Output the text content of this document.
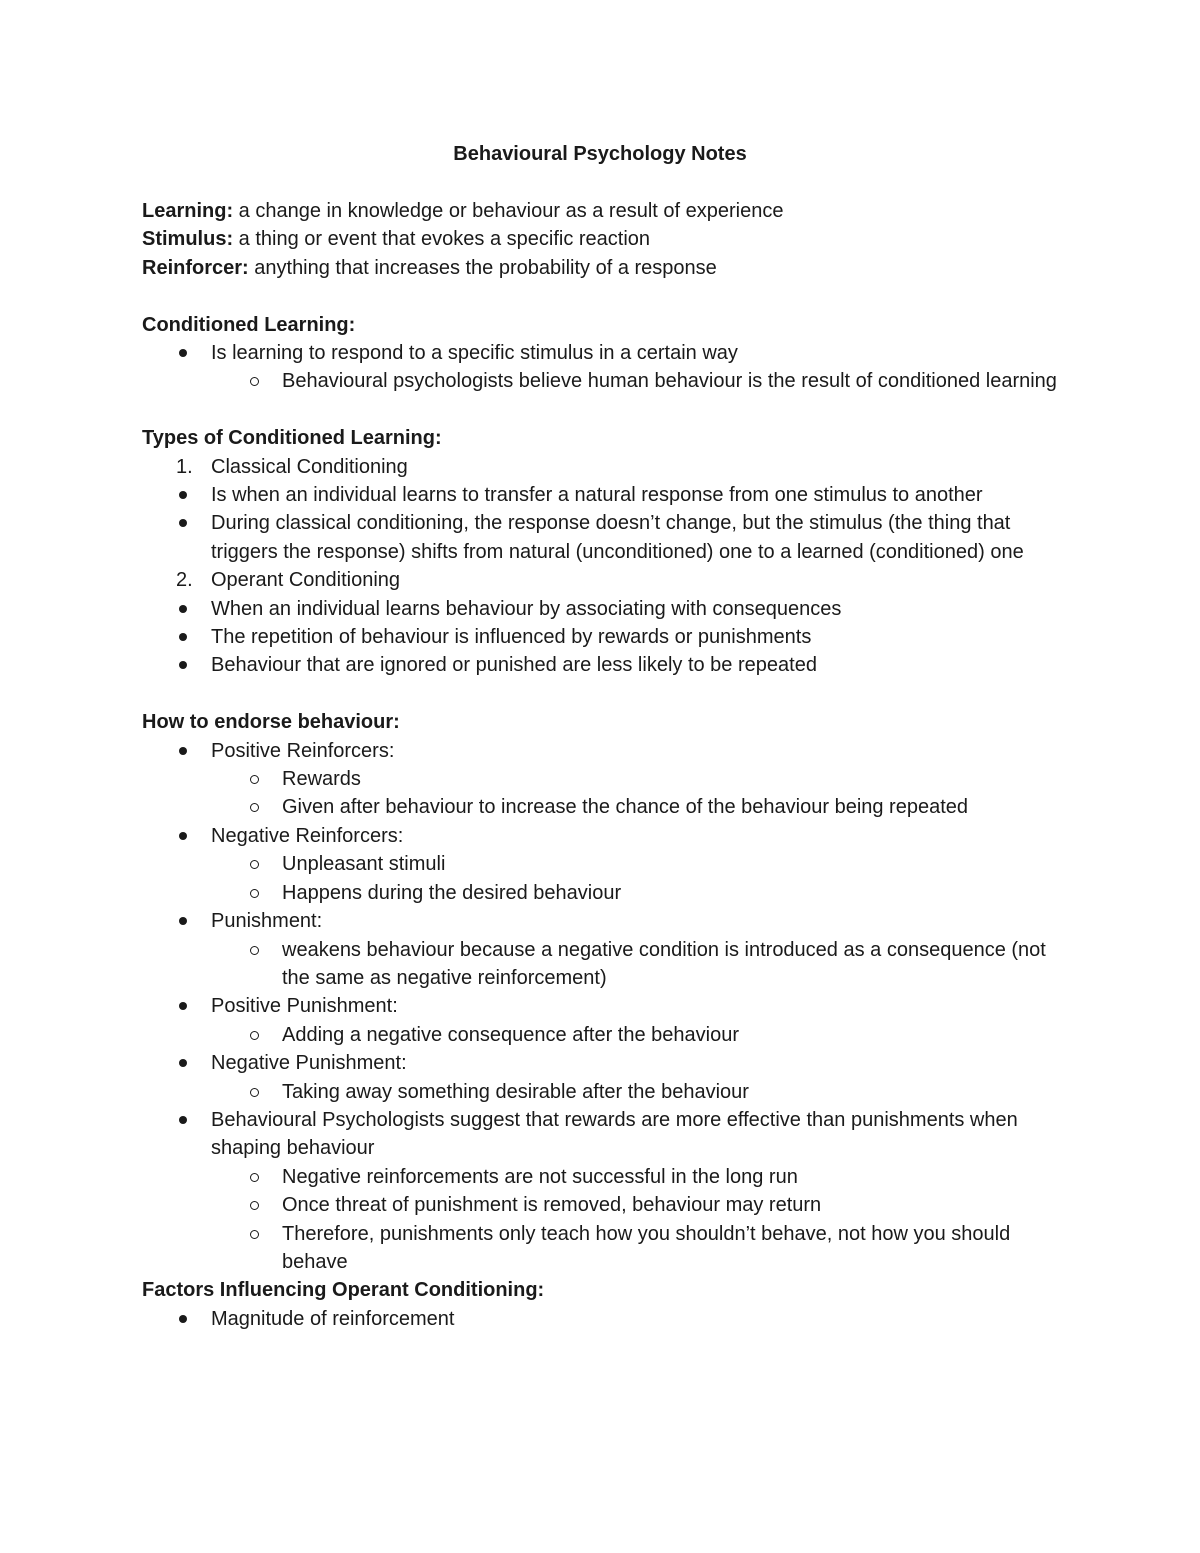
Behavioural Psychology Notes

Learning: a change in knowledge or behaviour as a result of experience

Stimulus: a thing or event that evokes a specific reaction

Reinforcer: anything that increases the probability of a response

Conditioned Learning:

Is learning to respond to a specific stimulus in a certain way

Behavioural psychologists believe human behaviour is the result of conditioned learning

Types of Conditioned Learning:

1. Classical Conditioning

Is when an individual learns to transfer a natural response from one stimulus to another

During classical conditioning, the response doesn’t change, but the stimulus (the thing that triggers the response) shifts from natural (unconditioned) one to a learned (conditioned) one

2. Operant Conditioning

When an individual learns behaviour by associating with consequences

The repetition of behaviour is influenced by rewards or punishments

Behaviour that are ignored or punished are less likely to be repeated

How to endorse behaviour:

Positive Reinforcers:

Rewards

Given after behaviour to increase the chance of the behaviour being repeated

Negative Reinforcers:

Unpleasant stimuli

Happens during the desired behaviour

Punishment:

weakens behaviour because a negative condition is introduced as a consequence (not the same as negative reinforcement)

Positive Punishment:

Adding a negative consequence after the behaviour

Negative Punishment:

Taking away something desirable after the behaviour

Behavioural Psychologists suggest that rewards are more effective than punishments when shaping behaviour

Negative reinforcements are not successful in the long run

Once threat of punishment is removed, behaviour may return

Therefore, punishments only teach how you shouldn’t behave, not how you should behave

Factors Influencing Operant Conditioning:

Magnitude of reinforcement
